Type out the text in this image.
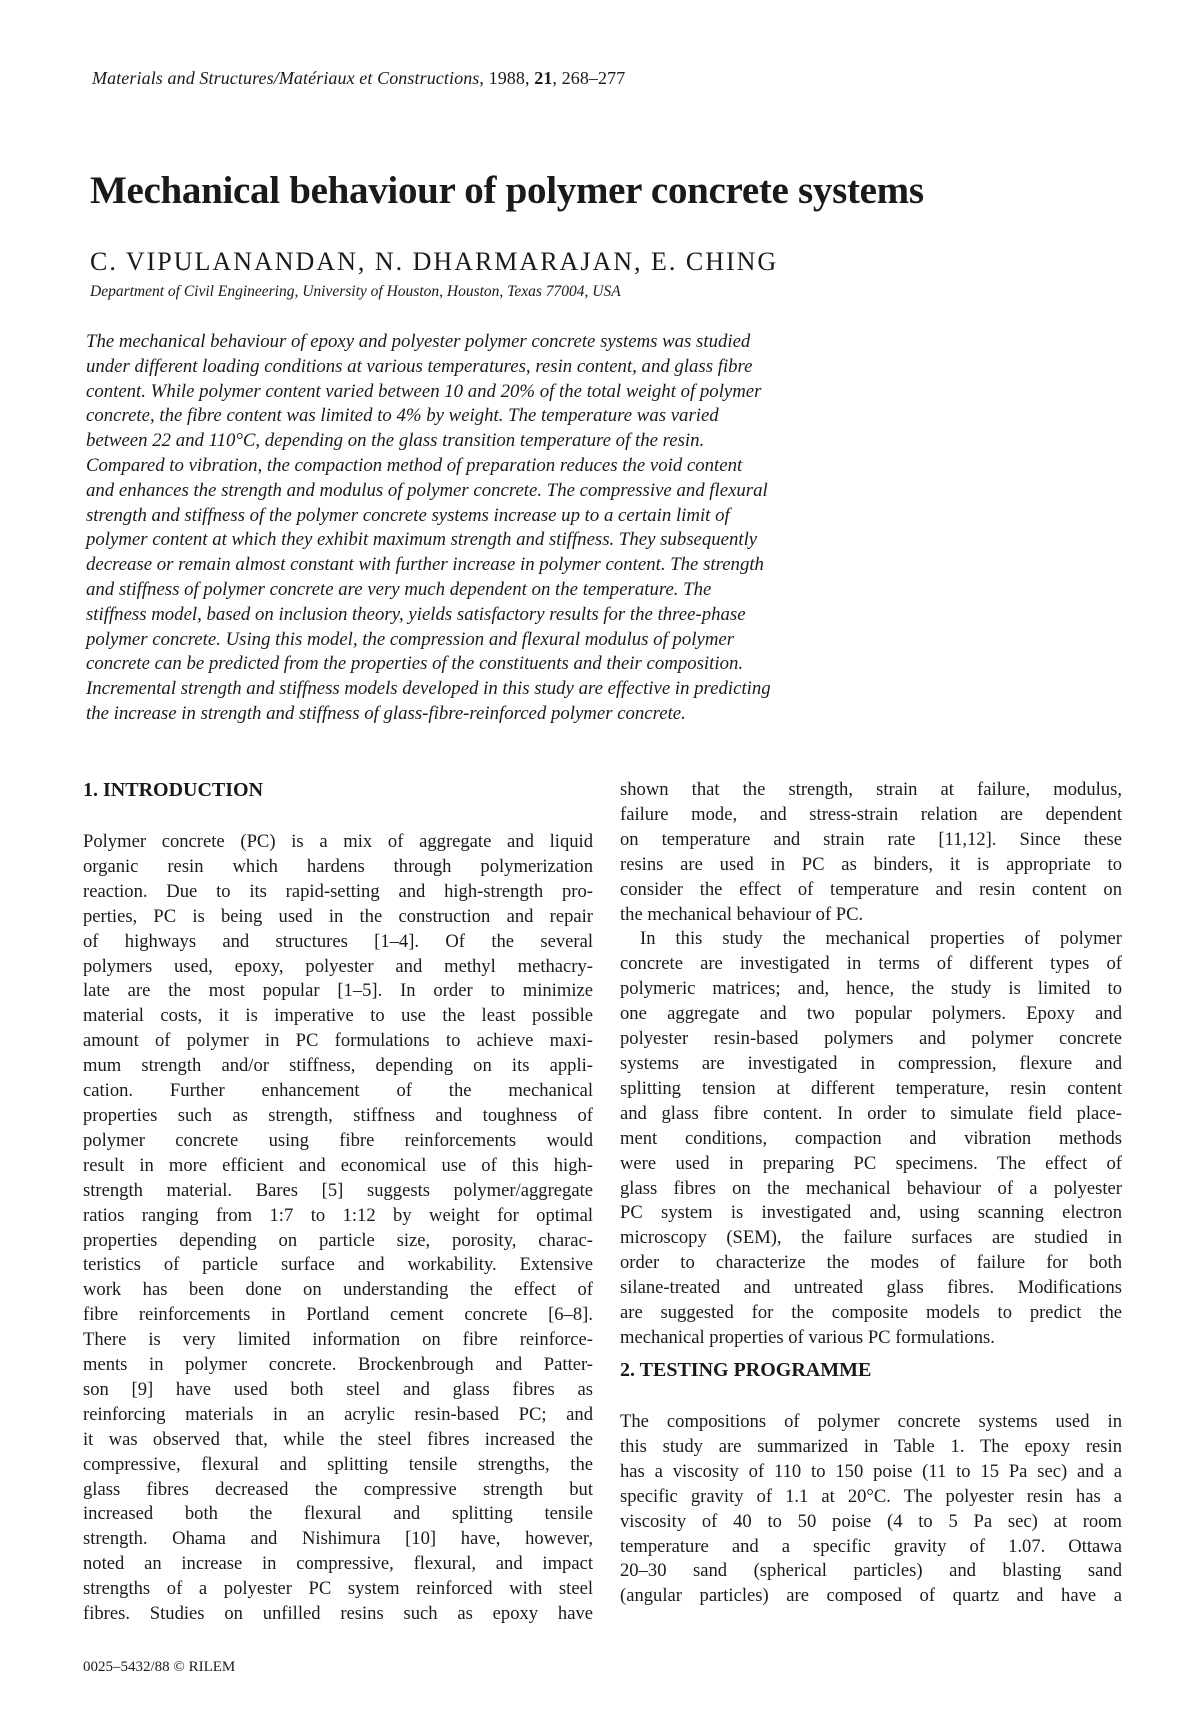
Materials and Structures/Matériaux et Constructions, 1988, 21, 268–277
Mechanical behaviour of polymer concrete systems
C. VIPULANANDAN, N. DHARMARAJAN, E. CHING
Department of Civil Engineering, University of Houston, Houston, Texas 77004, USA
The mechanical behaviour of epoxy and polyester polymer concrete systems was studied
under different loading conditions at various temperatures, resin content, and glass fibre
content. While polymer content varied between 10 and 20% of the total weight of polymer
concrete, the fibre content was limited to 4% by weight. The temperature was varied
between 22 and 110°C, depending on the glass transition temperature of the resin.
Compared to vibration, the compaction method of preparation reduces the void content
and enhances the strength and modulus of polymer concrete. The compressive and flexural
strength and stiffness of the polymer concrete systems increase up to a certain limit of
polymer content at which they exhibit maximum strength and stiffness. They subsequently
decrease or remain almost constant with further increase in polymer content. The strength
and stiffness of polymer concrete are very much dependent on the temperature. The
stiffness model, based on inclusion theory, yields satisfactory results for the three-phase
polymer concrete. Using this model, the compression and flexural modulus of polymer
concrete can be predicted from the properties of the constituents and their composition.
Incremental strength and stiffness models developed in this study are effective in predicting
the increase in strength and stiffness of glass-fibre-reinforced polymer concrete.
1. INTRODUCTION
Polymer concrete (PC) is a mix of aggregate and liquid
organic resin which hardens through polymerization
reaction. Due to its rapid-setting and high-strength pro-
perties, PC is being used in the construction and repair
of highways and structures [1–4]. Of the several
polymers used, epoxy, polyester and methyl methacry-
late are the most popular [1–5]. In order to minimize
material costs, it is imperative to use the least possible
amount of polymer in PC formulations to achieve maxi-
mum strength and/or stiffness, depending on its appli-
cation. Further enhancement of the mechanical
properties such as strength, stiffness and toughness of
polymer concrete using fibre reinforcements would
result in more efficient and economical use of this high-
strength material. Bares [5] suggests polymer/aggregate
ratios ranging from 1:7 to 1:12 by weight for optimal
properties depending on particle size, porosity, charac-
teristics of particle surface and workability. Extensive
work has been done on understanding the effect of
fibre reinforcements in Portland cement concrete [6–8].
There is very limited information on fibre reinforce-
ments in polymer concrete. Brockenbrough and Patter-
son [9] have used both steel and glass fibres as
reinforcing materials in an acrylic resin-based PC; and
it was observed that, while the steel fibres increased the
compressive, flexural and splitting tensile strengths, the
glass fibres decreased the compressive strength but
increased both the flexural and splitting tensile
strength. Ohama and Nishimura [10] have, however,
noted an increase in compressive, flexural, and impact
strengths of a polyester PC system reinforced with steel
fibres. Studies on unfilled resins such as epoxy have
shown that the strength, strain at failure, modulus,
failure mode, and stress-strain relation are dependent
on temperature and strain rate [11,12]. Since these
resins are used in PC as binders, it is appropriate to
consider the effect of temperature and resin content on
the mechanical behaviour of PC.
In this study the mechanical properties of polymer
concrete are investigated in terms of different types of
polymeric matrices; and, hence, the study is limited to
one aggregate and two popular polymers. Epoxy and
polyester resin-based polymers and polymer concrete
systems are investigated in compression, flexure and
splitting tension at different temperature, resin content
and glass fibre content. In order to simulate field place-
ment conditions, compaction and vibration methods
were used in preparing PC specimens. The effect of
glass fibres on the mechanical behaviour of a polyester
PC system is investigated and, using scanning electron
microscopy (SEM), the failure surfaces are studied in
order to characterize the modes of failure for both
silane-treated and untreated glass fibres. Modifications
are suggested for the composite models to predict the
mechanical properties of various PC formulations.
2. TESTING PROGRAMME
The compositions of polymer concrete systems used in
this study are summarized in Table 1. The epoxy resin
has a viscosity of 110 to 150 poise (11 to 15 Pa sec) and a
specific gravity of 1.1 at 20°C. The polyester resin has a
viscosity of 40 to 50 poise (4 to 5 Pa sec) at room
temperature and a specific gravity of 1.07. Ottawa
20–30 sand (spherical particles) and blasting sand
(angular particles) are composed of quartz and have a
0025–5432/88 © RILEM
